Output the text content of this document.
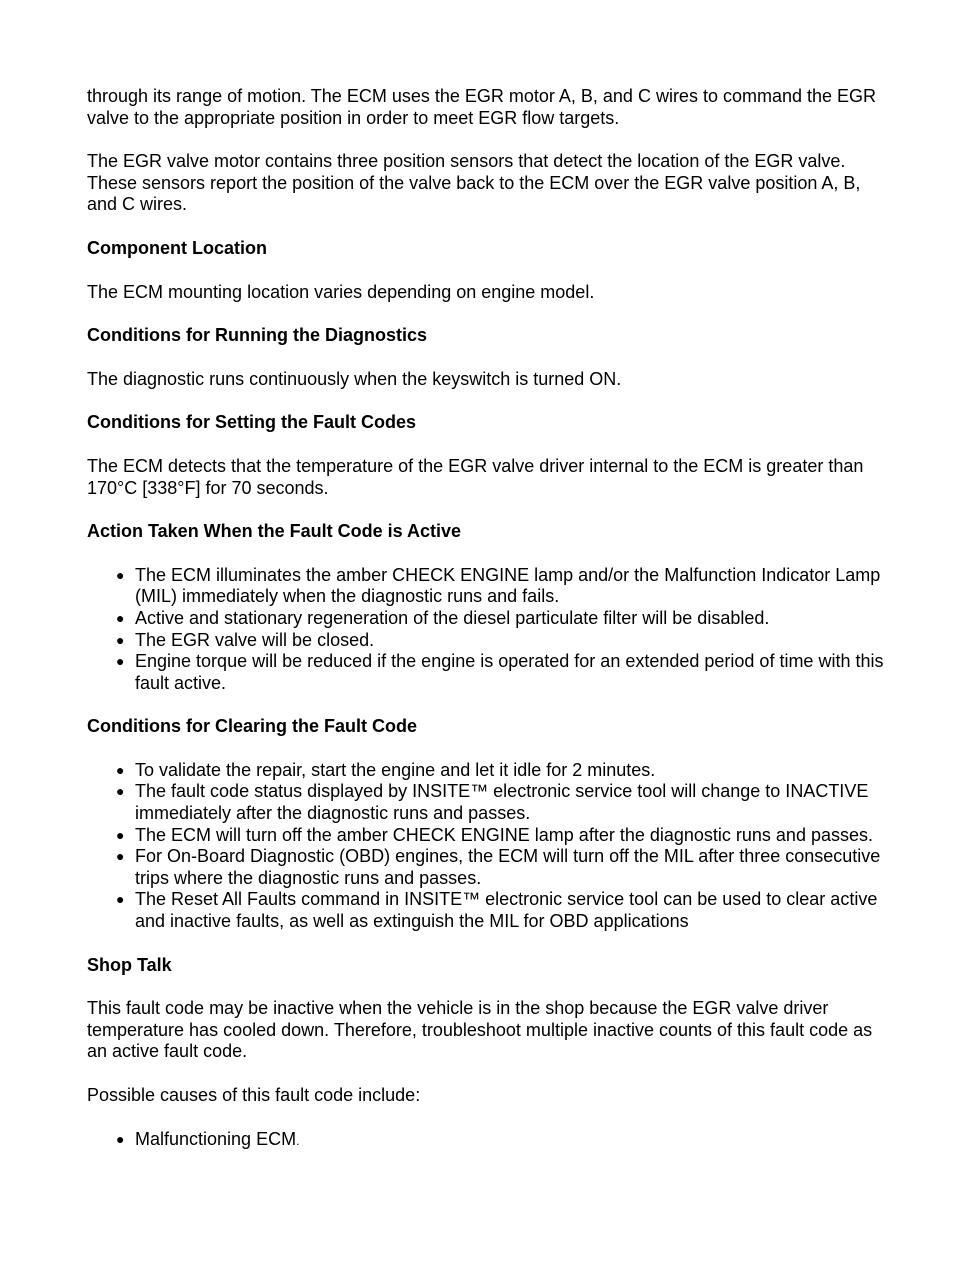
through its range of motion. The ECM uses the EGR motor A, B, and C wires to command the EGR valve to the appropriate position in order to meet EGR flow targets.

The EGR valve motor contains three position sensors that detect the location of the EGR valve. These sensors report the position of the valve back to the ECM over the EGR valve position A, B, and C wires.

Component Location

The ECM mounting location varies depending on engine model.

Conditions for Running the Diagnostics

The diagnostic runs continuously when the keyswitch is turned ON.

Conditions for Setting the Fault Codes

The ECM detects that the temperature of the EGR valve driver internal to the ECM is greater than 170°C [338°F] for 70 seconds.

Action Taken When the Fault Code is Active
● The ECM illuminates the amber CHECK ENGINE lamp and/or the Malfunction Indicator Lamp (MIL) immediately when the diagnostic runs and fails.
● Active and stationary regeneration of the diesel particulate filter will be disabled.
● The EGR valve will be closed.
● Engine torque will be reduced if the engine is operated for an extended period of time with this fault active.
Conditions for Clearing the Fault Code
● To validate the repair, start the engine and let it idle for 2 minutes.
● The fault code status displayed by INSITE™ electronic service tool will change to INACTIVE immediately after the diagnostic runs and passes.
● The ECM will turn off the amber CHECK ENGINE lamp after the diagnostic runs and passes.
● For On-Board Diagnostic (OBD) engines, the ECM will turn off the MIL after three consecutive trips where the diagnostic runs and passes.
● The Reset All Faults command in INSITE™ electronic service tool can be used to clear active and inactive faults, as well as extinguish the MIL for OBD applications
Shop Talk

This fault code may be inactive when the vehicle is in the shop because the EGR valve driver temperature has cooled down. Therefore, troubleshoot multiple inactive counts of this fault code as an active fault code.

Possible causes of this fault code include:

● Malfunctioning ECM.
